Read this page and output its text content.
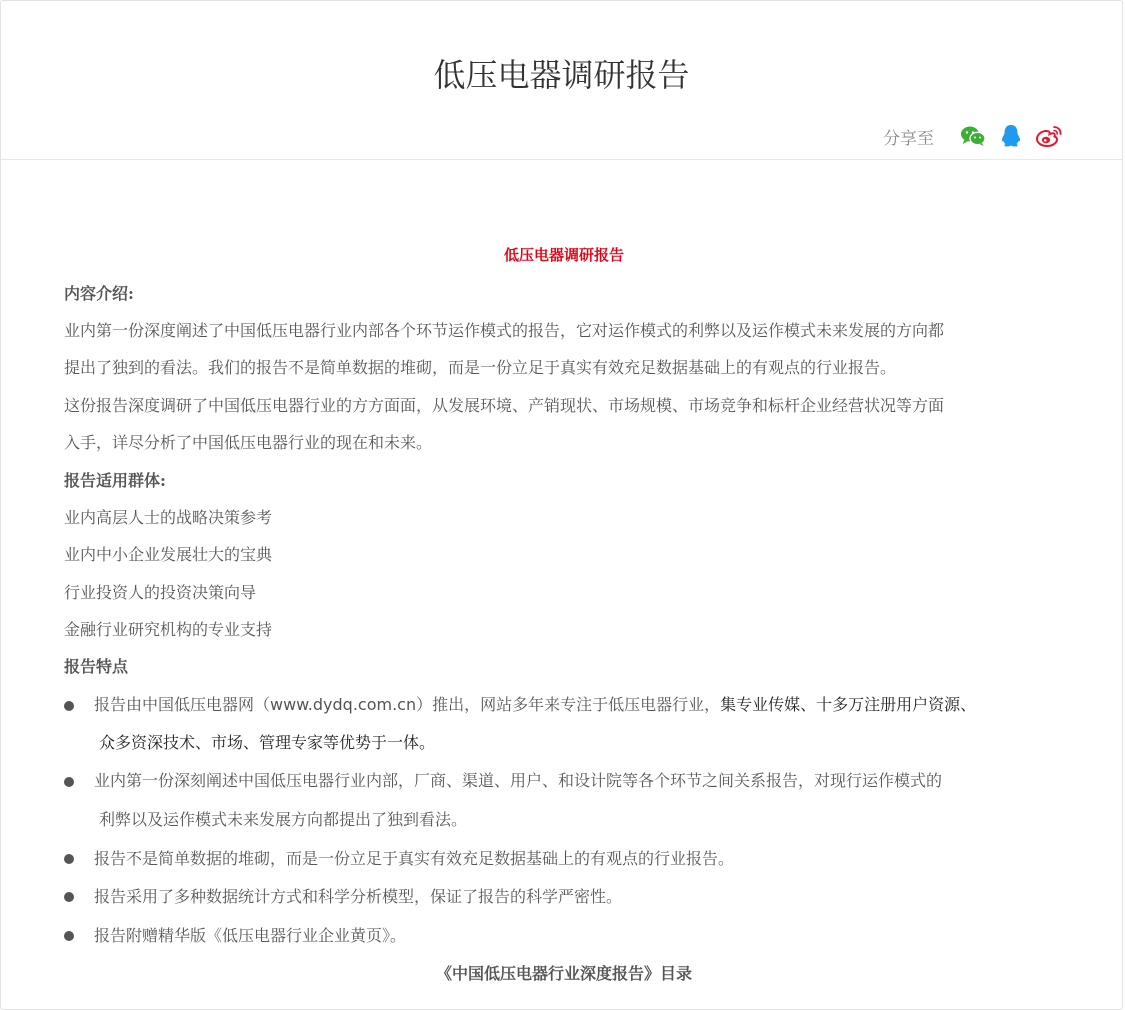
低压电器调研报告
分享至
低压电器调研报告
内容介绍:
业内第一份深度阐述了中国低压电器行业内部各个环节运作模式的报告，它对运作模式的利弊以及运作模式未来发展的方向都
提出了独到的看法。我们的报告不是简单数据的堆砌，而是一份立足于真实有效充足数据基础上的有观点的行业报告。
这份报告深度调研了中国低压电器行业的方方面面，从发展环境、产销现状、市场规模、市场竞争和标杆企业经营状况等方面
入手，详尽分析了中国低压电器行业的现在和未来。
报告适用群体:
业内高层人士的战略决策参考
业内中小企业发展壮大的宝典
行业投资人的投资决策向导
金融行业研究机构的专业支持
报告特点
报告由中国低压电器网（www.dydq.com.cn）推出，网站多年来专注于低压电器行业，集专业传媒、十多万注册用户资源、
众多资深技术、市场、管理专家等优势于一体。
业内第一份深刻阐述中国低压电器行业内部，厂商、渠道、用户、和设计院等各个环节之间关系报告，对现行运作模式的
利弊以及运作模式未来发展方向都提出了独到看法。
报告不是简单数据的堆砌，而是一份立足于真实有效充足数据基础上的有观点的行业报告。
报告采用了多种数据统计方式和科学分析模型，保证了报告的科学严密性。
报告附赠精华版《低压电器行业企业黄页》。
《中国低压电器行业深度报告》目录
